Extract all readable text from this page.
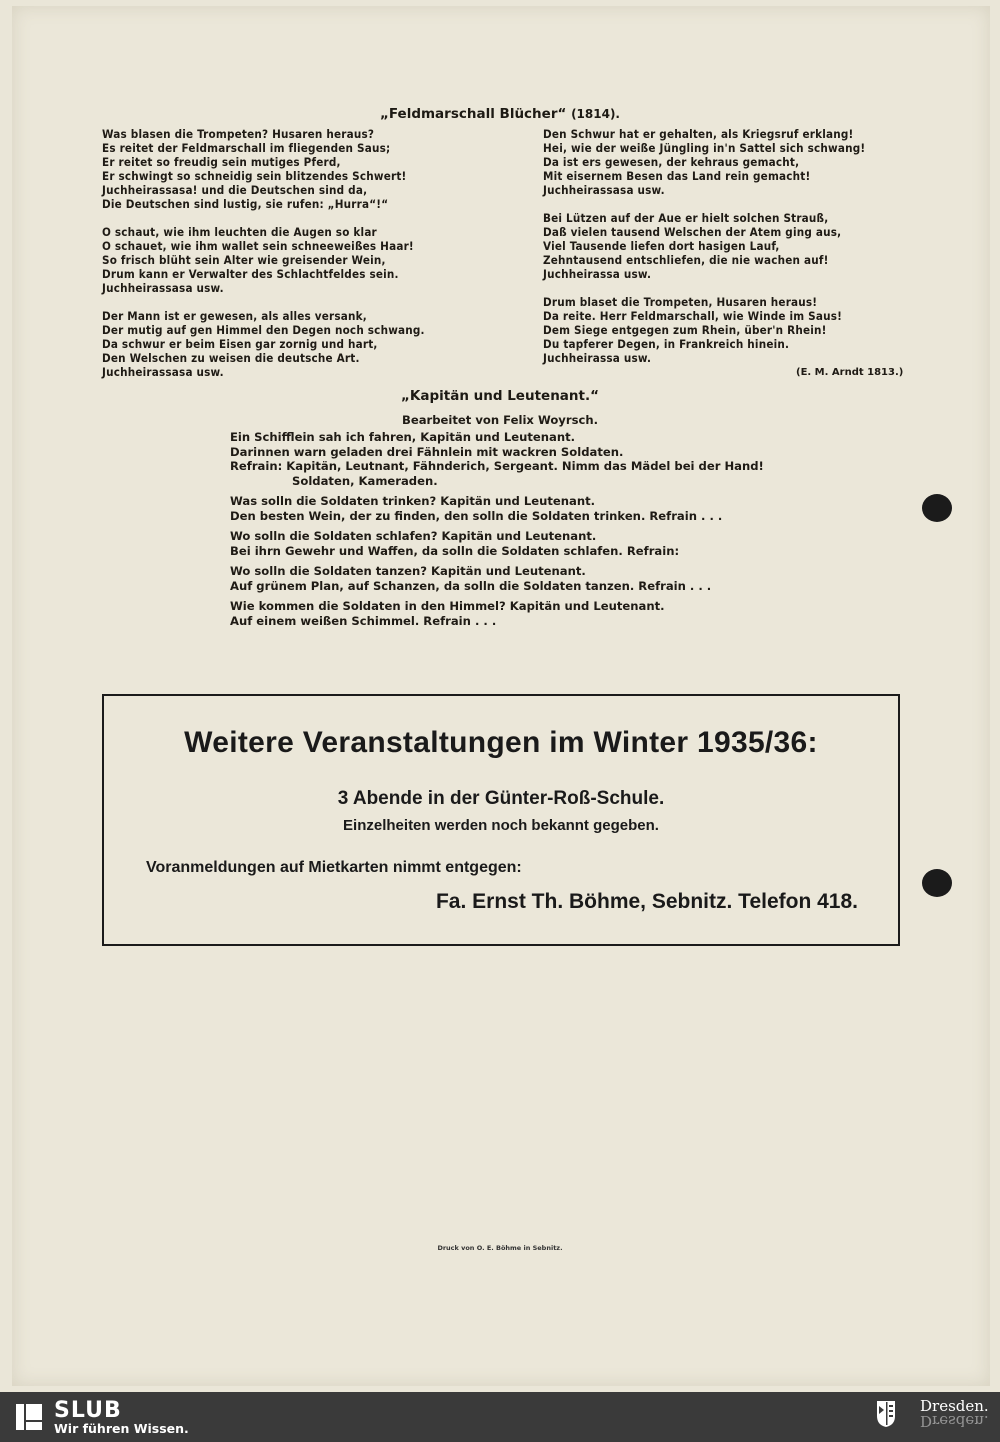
„Feldmarschall Blücher“ (1814).
Was blasen die Trompeten? Husaren heraus?
Es reitet der Feldmarschall im fliegenden Saus;
Er reitet so freudig sein mutiges Pferd,
Er schwingt so schneidig sein blitzendes Schwert!
Juchheirassasa! und die Deutschen sind da,
Die Deutschen sind lustig, sie rufen: „Hurra“!“
O schaut, wie ihm leuchten die Augen so klar
O schauet, wie ihm wallet sein schneeweißes Haar!
So frisch blüht sein Alter wie greisender Wein,
Drum kann er Verwalter des Schlachtfeldes sein.
Juchheirassasa usw.
Der Mann ist er gewesen, als alles versank,
Der mutig auf gen Himmel den Degen noch schwang.
Da schwur er beim Eisen gar zornig und hart,
Den Welschen zu weisen die deutsche Art.
Juchheirassasa usw.
Den Schwur hat er gehalten, als Kriegsruf erklang!
Hei, wie der weiße Jüngling in'n Sattel sich schwang!
Da ist ers gewesen, der kehraus gemacht,
Mit eisernem Besen das Land rein gemacht!
Juchheirassasa usw.
Bei Lützen auf der Aue er hielt solchen Strauß,
Daß vielen tausend Welschen der Atem ging aus,
Viel Tausende liefen dort hasigen Lauf,
Zehntausend entschliefen, die nie wachen auf!
Juchheirassa usw.
Drum blaset die Trompeten, Husaren heraus!
Da reite. Herr Feldmarschall, wie Winde im Saus!
Dem Siege entgegen zum Rhein, über'n Rhein!
Du tapferer Degen, in Frankreich hinein.
Juchheirassa usw.
(E. M. Arndt 1813.)
„Kapitän und Leutenant.“
Bearbeitet von Felix Woyrsch.
Ein Schifflein sah ich fahren, Kapitän und Leutenant.
Darinnen warn geladen drei Fähnlein mit wackren Soldaten.
Refrain: Kapitän, Leutnant, Fähnderich, Sergeant. Nimm das Mädel bei der Hand!
Soldaten, Kameraden.
Was solln die Soldaten trinken? Kapitän und Leutenant.
Den besten Wein, der zu finden, den solln die Soldaten trinken. Refrain . . .
Wo solln die Soldaten schlafen? Kapitän und Leutenant.
Bei ihrn Gewehr und Waffen, da solln die Soldaten schlafen. Refrain:
Wo solln die Soldaten tanzen? Kapitän und Leutenant.
Auf grünem Plan, auf Schanzen, da solln die Soldaten tanzen. Refrain . . .
Wie kommen die Soldaten in den Himmel? Kapitän und Leutenant.
Auf einem weißen Schimmel. Refrain . . .
Weitere Veranstaltungen im Winter 1935/36:
3 Abende in der Günter-Roß-Schule.
Einzelheiten werden noch bekannt gegeben.
Voranmeldungen auf Mietkarten nimmt entgegen:
Fa. Ernst Th. Böhme, Sebnitz. Telefon 418.
Druck von O. E. Böhme in Sebnitz.
SLUB
Wir führen Wissen.
Dresden.
Dresden.
